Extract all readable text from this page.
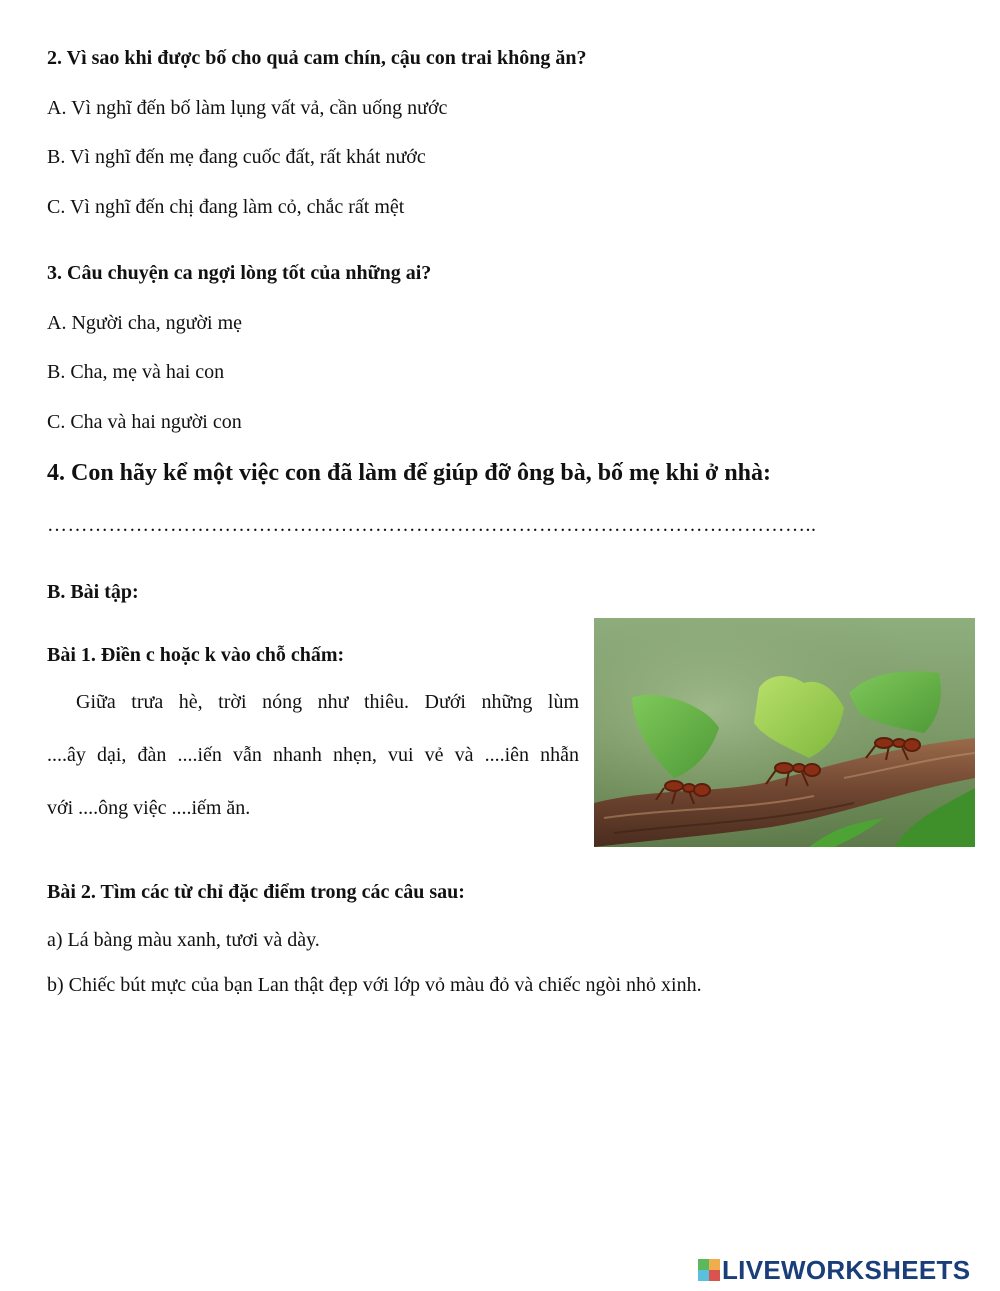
2. Vì sao khi được bố cho quả cam chín, cậu con trai không ăn?
A. Vì nghĩ đến bố làm lụng vất vả, cần uống nước
B. Vì nghĩ đến mẹ đang cuốc đất, rất khát nước
C. Vì nghĩ đến chị đang làm cỏ, chắc rất mệt
3. Câu chuyện ca ngợi lòng tốt của những ai?
A. Người cha, người mẹ
B. Cha, mẹ và hai con
C. Cha và hai người con
4. Con hãy kể một việc con đã làm để giúp đỡ ông bà, bố mẹ khi ở nhà:
…………………………………………………………………………………………………..
B. Bài tập:
Bài 1. Điền c hoặc k vào chỗ chấm:
Giữa trưa hè, trời nóng như thiêu. Dưới những lùm
....ây dại, đàn ....iến vẫn nhanh nhẹn, vui vẻ và ....iên nhẫn
với ....ông việc ....iếm ăn.
Bài 2. Tìm các từ chỉ đặc điểm trong các câu sau:
a) Lá bàng màu xanh, tươi và dày.
b) Chiếc bút mực của bạn Lan thật đẹp với lớp vỏ màu đỏ và chiếc ngòi nhỏ xinh.
LIVEWORKSHEETS
